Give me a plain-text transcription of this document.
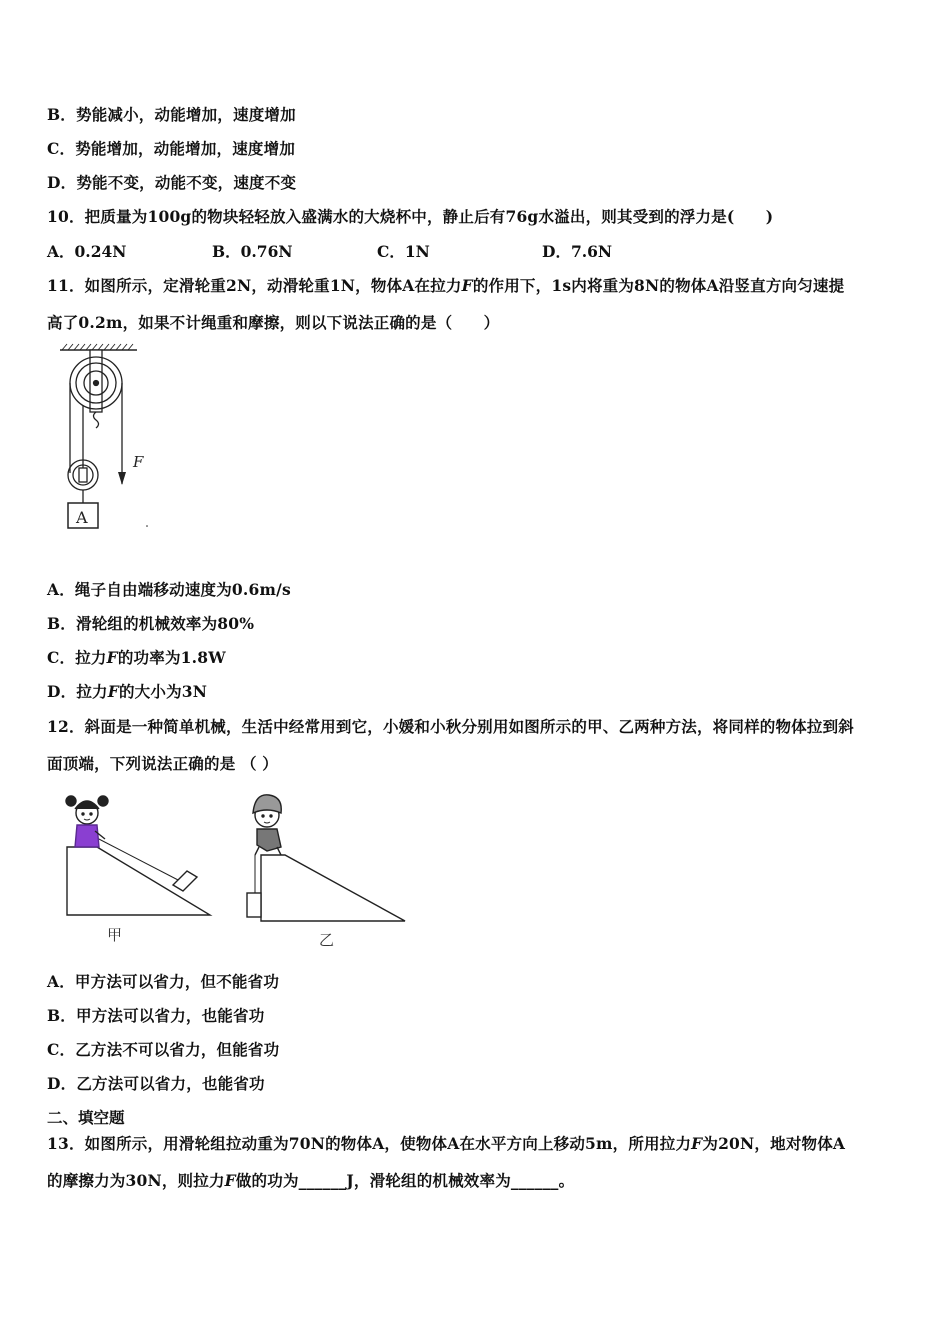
B．势能减小，动能增加，速度增加
C．势能增加，动能增加，速度增加
D．势能不变，动能不变，速度不变
10．把质量为100g的物块轻轻放入盛满水的大烧杯中，静止后有76g水溢出，则其受到的浮力是(　　)
A．0.24N	B．0.76N	C．1N	D．7.6N
11．如图所示，定滑轮重2N，动滑轮重1N，物体A在拉力F的作用下，1s内将重为8N的物体A沿竖直方向匀速提
高了0.2m，如果不计绳重和摩擦，则以下说法正确的是（　　）
F
A
A．绳子自由端移动速度为0.6m/s
B．滑轮组的机械效率为80%
C．拉力F的功率为1.8W
D．拉力F的大小为3N
12．斜面是一种简单机械，生活中经常用到它，小媛和小秋分别用如图所示的甲、乙两种方法，将同样的物体拉到斜
面顶端，下列说法正确的是 （ ）
甲	乙
A．甲方法可以省力，但不能省功
B．甲方法可以省力，也能省功
C．乙方法不可以省力，但能省功
D．乙方法可以省力，也能省功
二、填空题
13．如图所示，用滑轮组拉动重为70N的物体A，使物体A在水平方向上移动5m，所用拉力F为20N，地对物体A
的摩擦力为30N，则拉力F做的功为______J，滑轮组的机械效率为______。
